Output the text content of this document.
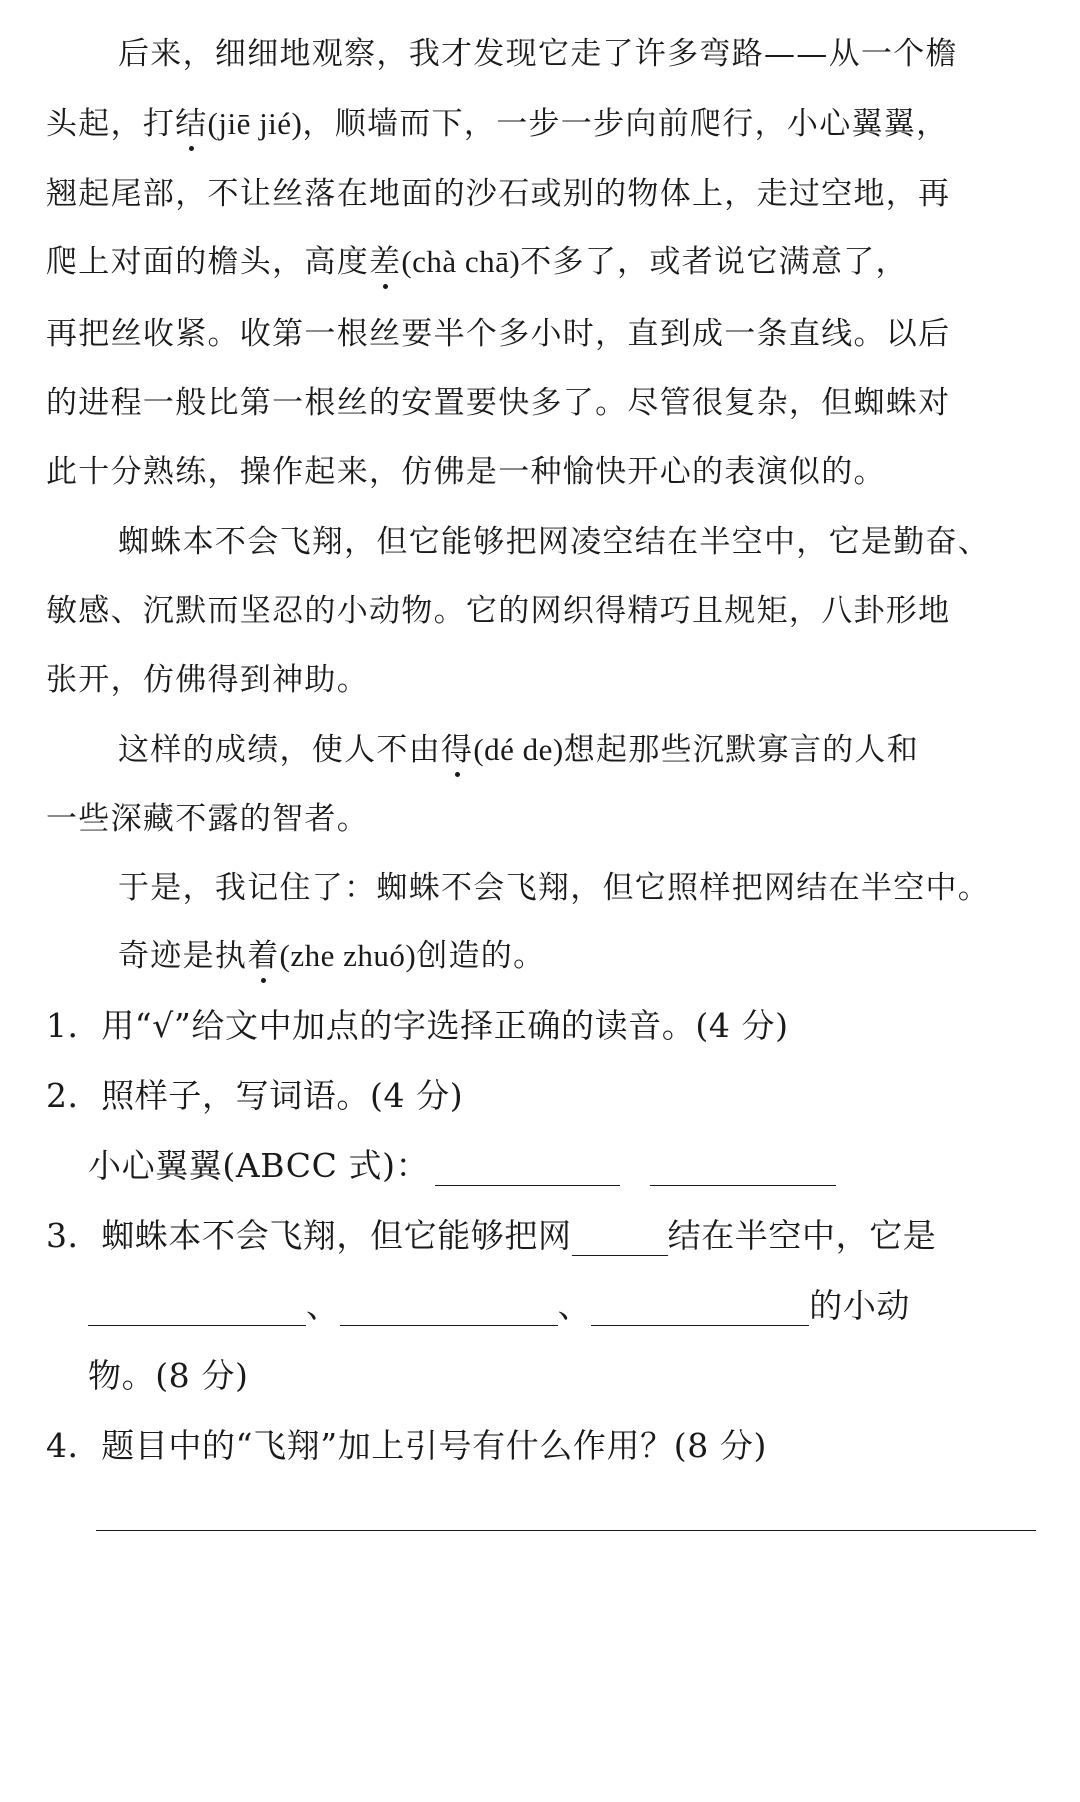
后来，细细地观察，我才发现它走了许多弯路——从一个檐
头起，打结(jiē jié)，顺墙而下，一步一步向前爬行，小心翼翼，
翘起尾部，不让丝落在地面的沙石或别的物体上，走过空地，再
爬上对面的檐头，高度差(chà chā)不多了，或者说它满意了，
再把丝收紧。收第一根丝要半个多小时，直到成一条直线。以后
的进程一般比第一根丝的安置要快多了。尽管很复杂，但蜘蛛对
此十分熟练，操作起来，仿佛是一种愉快开心的表演似的。
蜘蛛本不会飞翔，但它能够把网凌空结在半空中，它是勤奋、
敏感、沉默而坚忍的小动物。它的网织得精巧且规矩，八卦形地
张开，仿佛得到神助。
这样的成绩，使人不由得(dé de)想起那些沉默寡言的人和
一些深藏不露的智者。
于是，我记住了：蜘蛛不会飞翔，但它照样把网结在半空中。
奇迹是执着(zhe zhuó)创造的。
1．用“√”给文中加点的字选择正确的读音。(4 分)
2．照样子，写词语。(4 分)
小心翼翼(ABCC 式)：
3．蜘蛛本不会飞翔，但它能够把网	结在半空中，它是
、	、	的小动
物。(8 分)
4．题目中的“飞翔”加上引号有什么作用？(8 分)
